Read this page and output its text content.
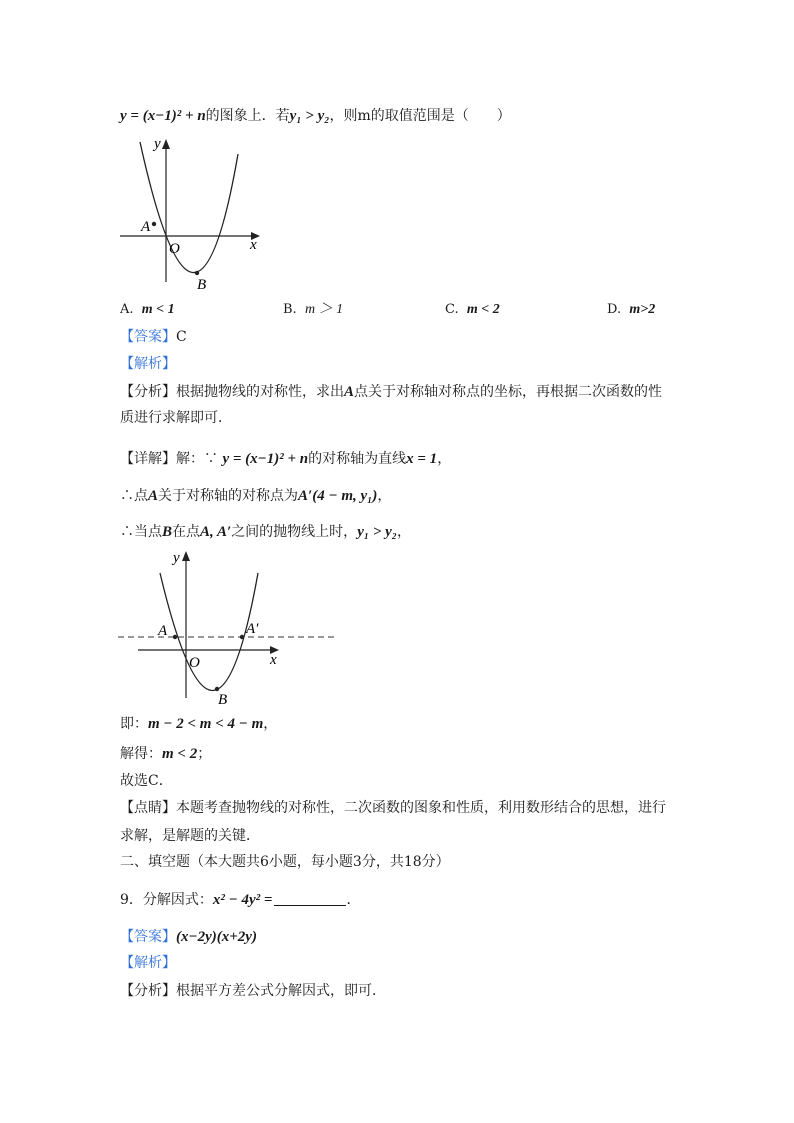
y = (x−1)² + n的图象上．若y₁ > y₂，则m的取值范围是（　　）
y
x
O
A
B
A. m < 1	B. m ＞ 1	C. m < 2	D. m>2
【答案】C
【解析】
【分析】根据抛物线的对称性，求出A点关于对称轴对称点的坐标，再根据二次函数的性
质进行求解即可．
【详解】解：∵ y = (x−1)² + n的对称轴为直线x = 1，
∴点A关于对称轴的对称点为A′(4 − m, y₁)，
∴当点B在点A, A′之间的抛物线上时，y₁ > y₂，
y
x
O
A	A′
B
即：m − 2 < m < 4 − m，
解得：m < 2；
故选C．
【点睛】本题考查抛物线的对称性，二次函数的图象和性质，利用数形结合的思想，进行
求解，是解题的关键．
二、填空题（本大题共6小题，每小题3分，共18分）
9．分解因式：x² − 4y² =	．
【答案】(x−2y)(x+2y)
【解析】
【分析】根据平方差公式分解因式，即可．
